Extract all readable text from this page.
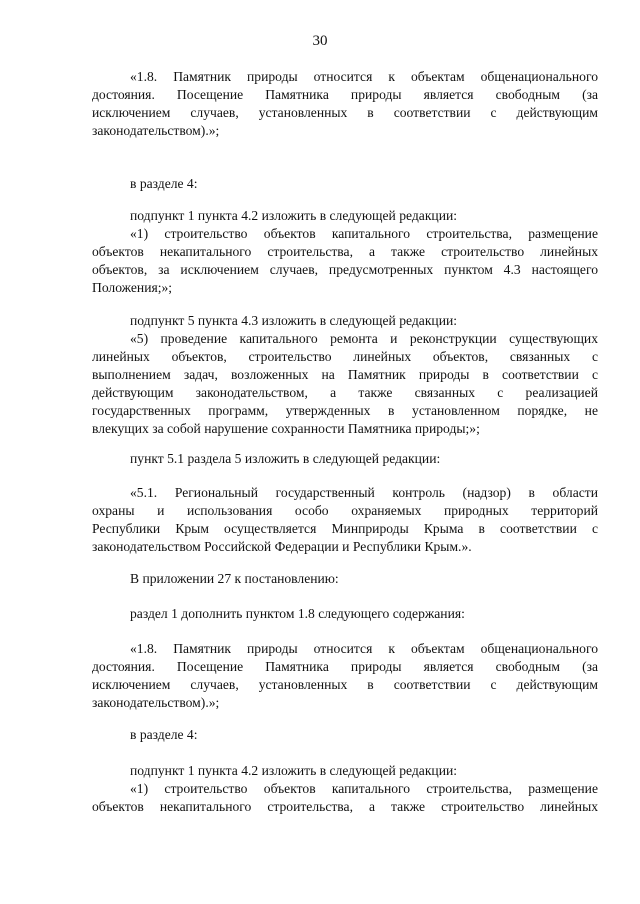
30
«1.8. Памятник природы относится к объектам общенационального
достояния. Посещение Памятника природы является свободным (за
исключением случаев, установленных в соответствии с действующим
законодательством).»;
в разделе 4:
подпункт 1 пункта 4.2 изложить в следующей редакции:
«1) строительство объектов капитального строительства, размещение
объектов некапитального строительства, а также строительство линейных
объектов, за исключением случаев, предусмотренных пунктом 4.3 настоящего
Положения;»;
подпункт 5 пункта 4.3 изложить в следующей редакции:
«5) проведение капитального ремонта и реконструкции существующих
линейных объектов, строительство линейных объектов, связанных с
выполнением задач, возложенных на Памятник природы в соответствии с
действующим законодательством, а также связанных с реализацией
государственных программ, утвержденных в установленном порядке, не
влекущих за собой нарушение сохранности Памятника природы;»;
пункт 5.1 раздела 5 изложить в следующей редакции:
«5.1. Региональный государственный контроль (надзор) в области
охраны и использования особо охраняемых природных территорий
Республики Крым осуществляется Минприроды Крыма в соответствии с
законодательством Российской Федерации и Республики Крым.».
В приложении 27 к постановлению:
раздел 1 дополнить пунктом 1.8 следующего содержания:
«1.8. Памятник природы относится к объектам общенационального
достояния. Посещение Памятника природы является свободным (за
исключением случаев, установленных в соответствии с действующим
законодательством).»;
в разделе 4:
подпункт 1 пункта 4.2 изложить в следующей редакции:
«1) строительство объектов капитального строительства, размещение
объектов некапитального строительства, а также строительство линейных
